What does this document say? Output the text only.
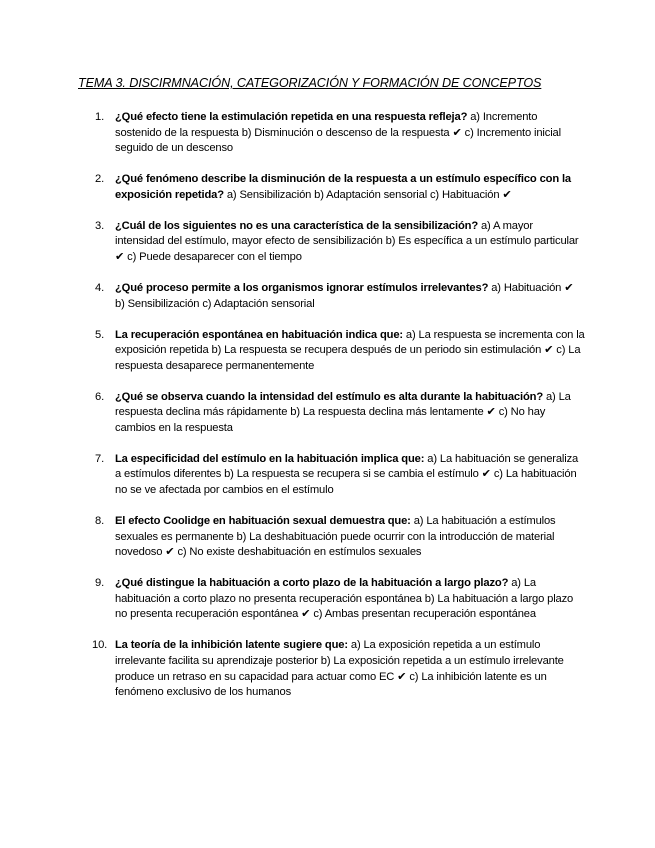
TEMA 3. DISCIRMNACIÓN, CATEGORIZACIÓN Y FORMACIÓN DE CONCEPTOS
1. ¿Qué efecto tiene la estimulación repetida en una respuesta refleja? a) Incremento sostenido de la respuesta b) Disminución o descenso de la respuesta ✔ c) Incremento inicial seguido de un descenso
2. ¿Qué fenómeno describe la disminución de la respuesta a un estímulo específico con la exposición repetida? a) Sensibilización b) Adaptación sensorial c) Habituación ✔
3. ¿Cuál de los siguientes no es una característica de la sensibilización? a) A mayor intensidad del estímulo, mayor efecto de sensibilización b) Es específica a un estímulo particular ✔ c) Puede desaparecer con el tiempo
4. ¿Qué proceso permite a los organismos ignorar estímulos irrelevantes? a) Habituación ✔ b) Sensibilización c) Adaptación sensorial
5. La recuperación espontánea en habituación indica que: a) La respuesta se incrementa con la exposición repetida b) La respuesta se recupera después de un periodo sin estimulación ✔ c) La respuesta desaparece permanentemente
6. ¿Qué se observa cuando la intensidad del estímulo es alta durante la habituación? a) La respuesta declina más rápidamente b) La respuesta declina más lentamente ✔ c) No hay cambios en la respuesta
7. La especificidad del estímulo en la habituación implica que: a) La habituación se generaliza a estímulos diferentes b) La respuesta se recupera si se cambia el estímulo ✔ c) La habituación no se ve afectada por cambios en el estímulo
8. El efecto Coolidge en habituación sexual demuestra que: a) La habituación a estímulos sexuales es permanente b) La deshabituación puede ocurrir con la introducción de material novedoso ✔ c) No existe deshabituación en estímulos sexuales
9. ¿Qué distingue la habituación a corto plazo de la habituación a largo plazo? a) La habituación a corto plazo no presenta recuperación espontánea b) La habituación a largo plazo no presenta recuperación espontánea ✔ c) Ambas presentan recuperación espontánea
10. La teoría de la inhibición latente sugiere que: a) La exposición repetida a un estímulo irrelevante facilita su aprendizaje posterior b) La exposición repetida a un estímulo irrelevante produce un retraso en su capacidad para actuar como EC ✔ c) La inhibición latente es un fenómeno exclusivo de los humanos
